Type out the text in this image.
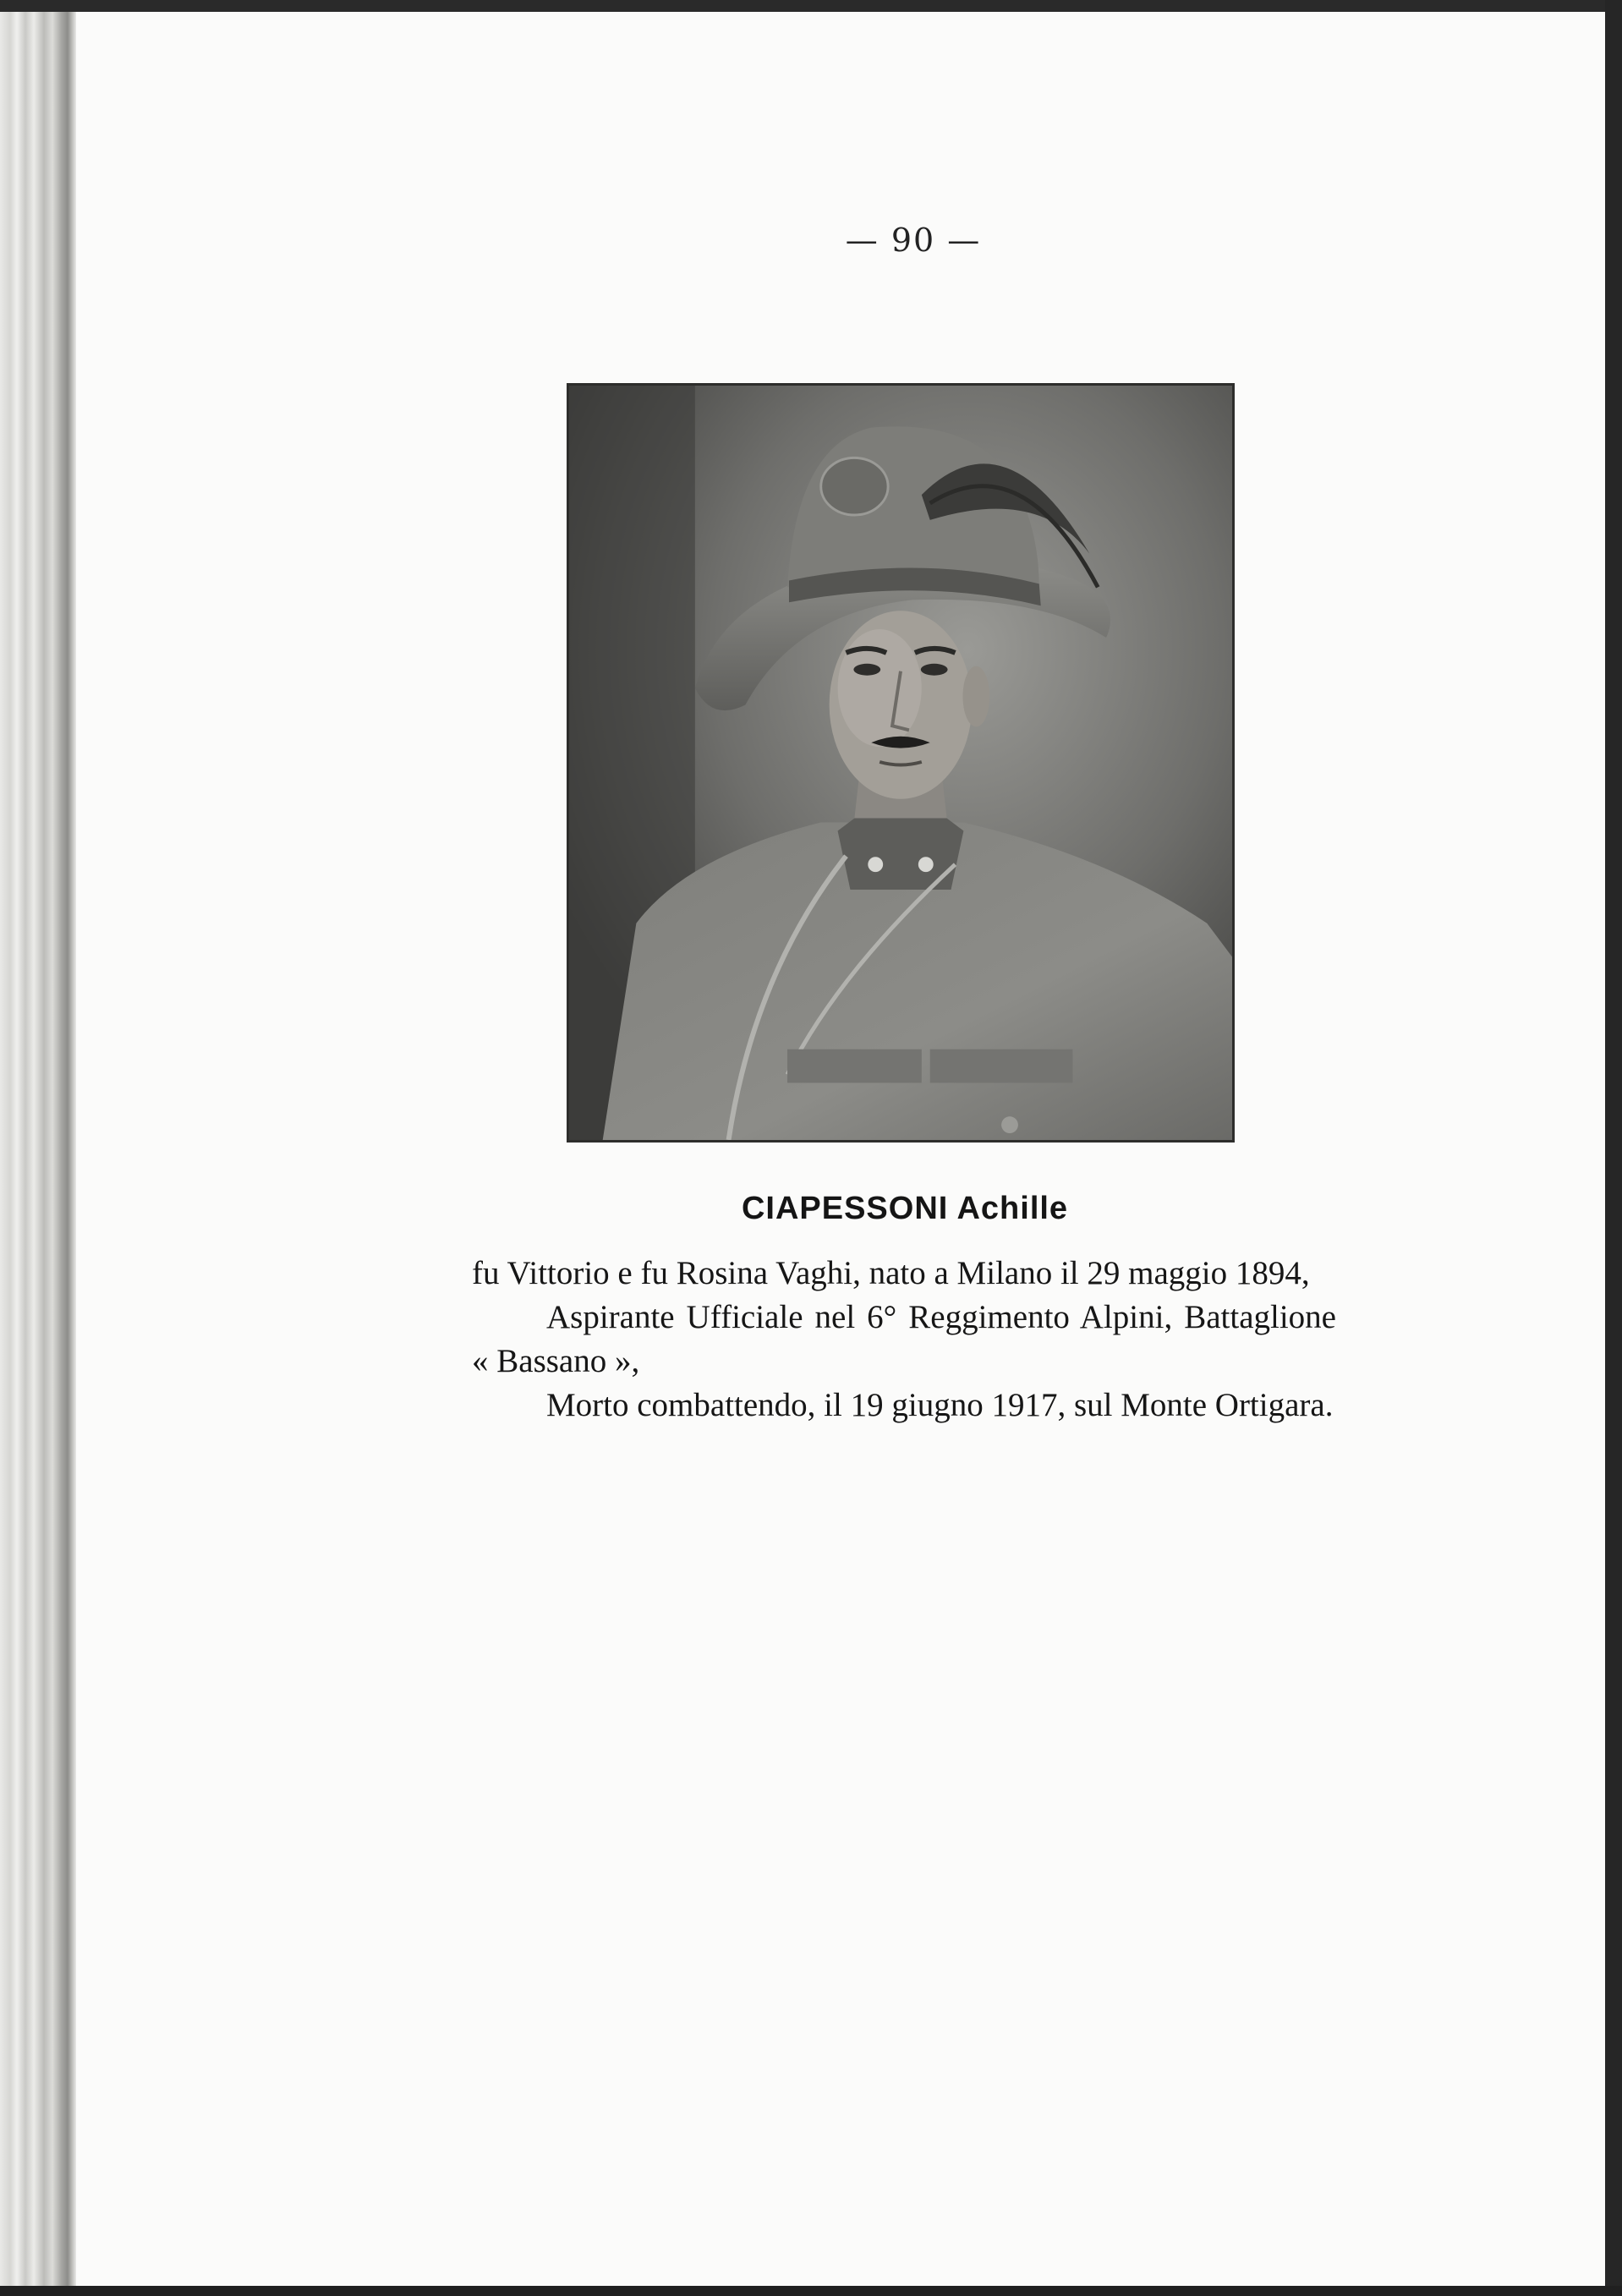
— 90 —
CIAPESSONI Achille

fu Vittorio e fu Rosina Vaghi, nato a Milano il 29 maggio 1894,

Aspirante Ufficiale nel 6° Reggimento Alpini, Battaglione « Bassano »,

Morto combattendo, il 19 giugno 1917, sul Monte Ortigara.
